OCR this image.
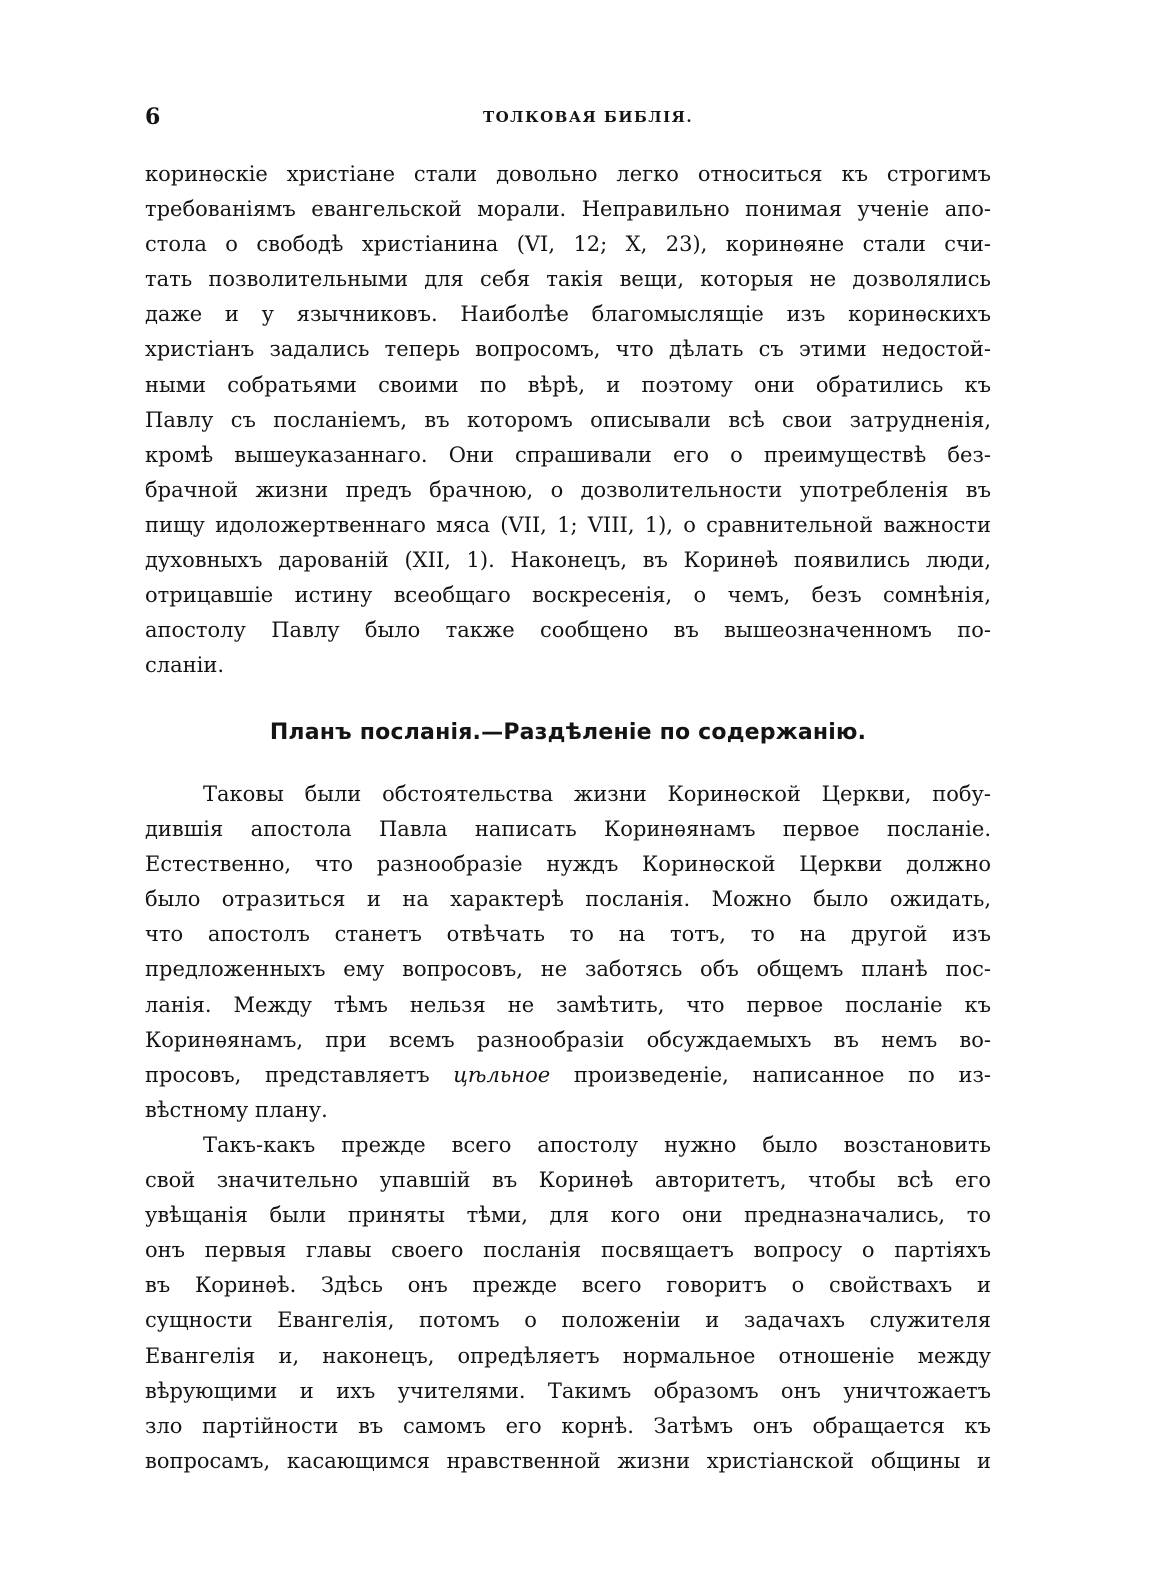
6	ТОЛКОВАЯ БИБЛІЯ.
коринѳскіе христіане стали довольно легко относиться къ строгимъ
требованіямъ евангельской морали. Неправильно понимая ученіе апо-
стола о свободѣ христіанина (VI, 12; X, 23), коринѳяне стали счи-
тать позволительными для себя такія вещи, которыя не дозволялись
даже и у язычниковъ. Наиболѣе благомыслящіе изъ коринѳскихъ
христіанъ задались теперь вопросомъ, что дѣлать съ этими недостой-
ными собратьями своими по вѣрѣ, и поэтому они обратились къ
Павлу съ посланіемъ, въ которомъ описывали всѣ свои затрудненія,
кромѣ вышеуказаннаго. Они спрашивали его о преимуществѣ без-
брачной жизни предъ брачною, о дозволительности употребленія въ
пищу идоложертвеннаго мяса (VII, 1; VIII, 1), о сравнительной важности
духовныхъ дарованій (XII, 1). Наконецъ, въ Коринѳѣ появились люди,
отрицавшіе истину всеобщаго воскресенія, о чемъ, безъ сомнѣнія,
апостолу Павлу было также сообщено въ вышеозначенномъ по-
сланіи.
Планъ посланія.—Раздѣленіе по содержанію.
Таковы были обстоятельства жизни Коринѳской Церкви, побу-
дившія апостола Павла написать Коринѳянамъ первое посланіе.
Естественно, что разнообразіе нуждъ Коринѳской Церкви должно
было отразиться и на характерѣ посланія. Можно было ожидать,
что апостолъ станетъ отвѣчать то на тотъ, то на другой изъ
предложенныхъ ему вопросовъ, не заботясь объ общемъ планѣ пос-
ланія. Между тѣмъ нельзя не замѣтить, что первое посланіе къ
Коринѳянамъ, при всемъ разнообразіи обсуждаемыхъ въ немъ во-
просовъ, представляетъ цѣльное произведеніе, написанное по из-
вѣстному плану.
Такъ-какъ прежде всего апостолу нужно было возстановить
свой значительно упавшій въ Коринѳѣ авторитетъ, чтобы всѣ его
увѣщанія были приняты тѣми, для кого они предназначались, то
онъ первыя главы своего посланія посвящаетъ вопросу о партіяхъ
въ Коринѳѣ. Здѣсь онъ прежде всего говоритъ о свойствахъ и
сущности Евангелія, потомъ о положеніи и задачахъ служителя
Евангелія и, наконецъ, опредѣляетъ нормальное отношеніе между
вѣрующими и ихъ учителями. Такимъ образомъ онъ уничтожаетъ
зло партійности въ самомъ его корнѣ. Затѣмъ онъ обращается къ
вопросамъ, касающимся нравственной жизни христіанской общины и
